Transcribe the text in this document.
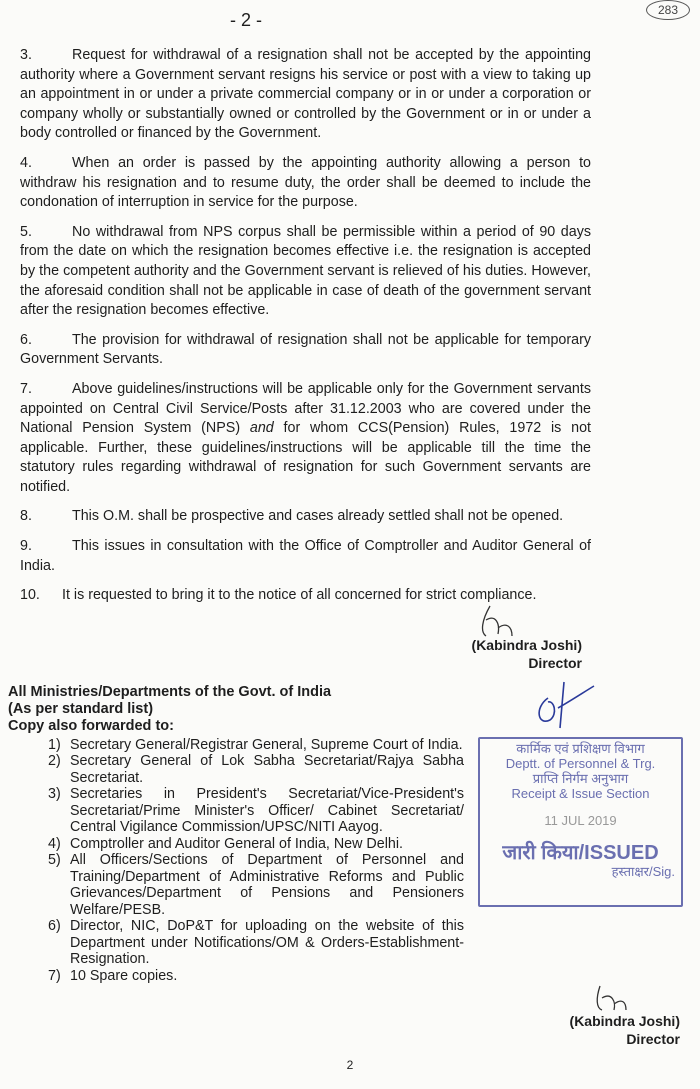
- 2 -	283
3.	Request for withdrawal of a resignation shall not be accepted by the appointing authority where a Government servant resigns his service or post with a view to taking up an appointment in or under a private commercial company or in or under a corporation or company wholly or substantially owned or controlled by the Government or in or under a body controlled or financed by the Government.
4.	When an order is passed by the appointing authority allowing a person to withdraw his resignation and to resume duty, the order shall be deemed to include the condonation of interruption in service for the purpose.
5.	No withdrawal from NPS corpus shall be permissible within a period of 90 days from the date on which the resignation becomes effective i.e. the resignation is accepted by the competent authority and the Government servant is relieved of his duties. However, the aforesaid condition shall not be applicable in case of death of the government servant after the resignation becomes effective.
6.	The provision for withdrawal of resignation shall not be applicable for temporary Government Servants.
7.	Above guidelines/instructions will be applicable only for the Government servants appointed on Central Civil Service/Posts after 31.12.2003 who are covered under the National Pension System (NPS) and for whom CCS(Pension) Rules, 1972 is not applicable. Further, these guidelines/instructions will be applicable till the time the statutory rules regarding withdrawal of resignation for such Government servants are notified.
8.	This O.M. shall be prospective and cases already settled shall not be opened.
9.	This issues in consultation with the Office of Comptroller and Auditor General of India.
10. It is requested to bring it to the notice of all concerned for strict compliance.
(Kabindra Joshi)
Director
All Ministries/Departments of the Govt. of India
(As per standard list)
Copy also forwarded to:
1) Secretary General/Registrar General, Supreme Court of India.
2) Secretary General of Lok Sabha Secretariat/Rajya Sabha Secretariat.
3) Secretaries in President's Secretariat/Vice-President's Secretariat/Prime Minister's Officer/ Cabinet Secretariat/ Central Vigilance Commission/UPSC/NITI Aayog.
4) Comptroller and Auditor General of India, New Delhi.
5) All Officers/Sections of Department of Personnel and Training/Department of Administrative Reforms and Public Grievances/Department of Pensions and Pensioners Welfare/PESB.
6) Director, NIC, DoP&T for uploading on the website of this Department under Notifications/OM & Orders-Establishment-Resignation.
7) 10 Spare copies.
कार्मिक एवं प्रशिक्षण विभाग
Deptt. of Personnel & Trg.
प्राप्ति निर्गम अनुभाग
Receipt & Issue Section
11 JUL 2019
जारी किया/ISSUED
हस्ताक्षर/Sig.
(Kabindra Joshi)
Director
2
